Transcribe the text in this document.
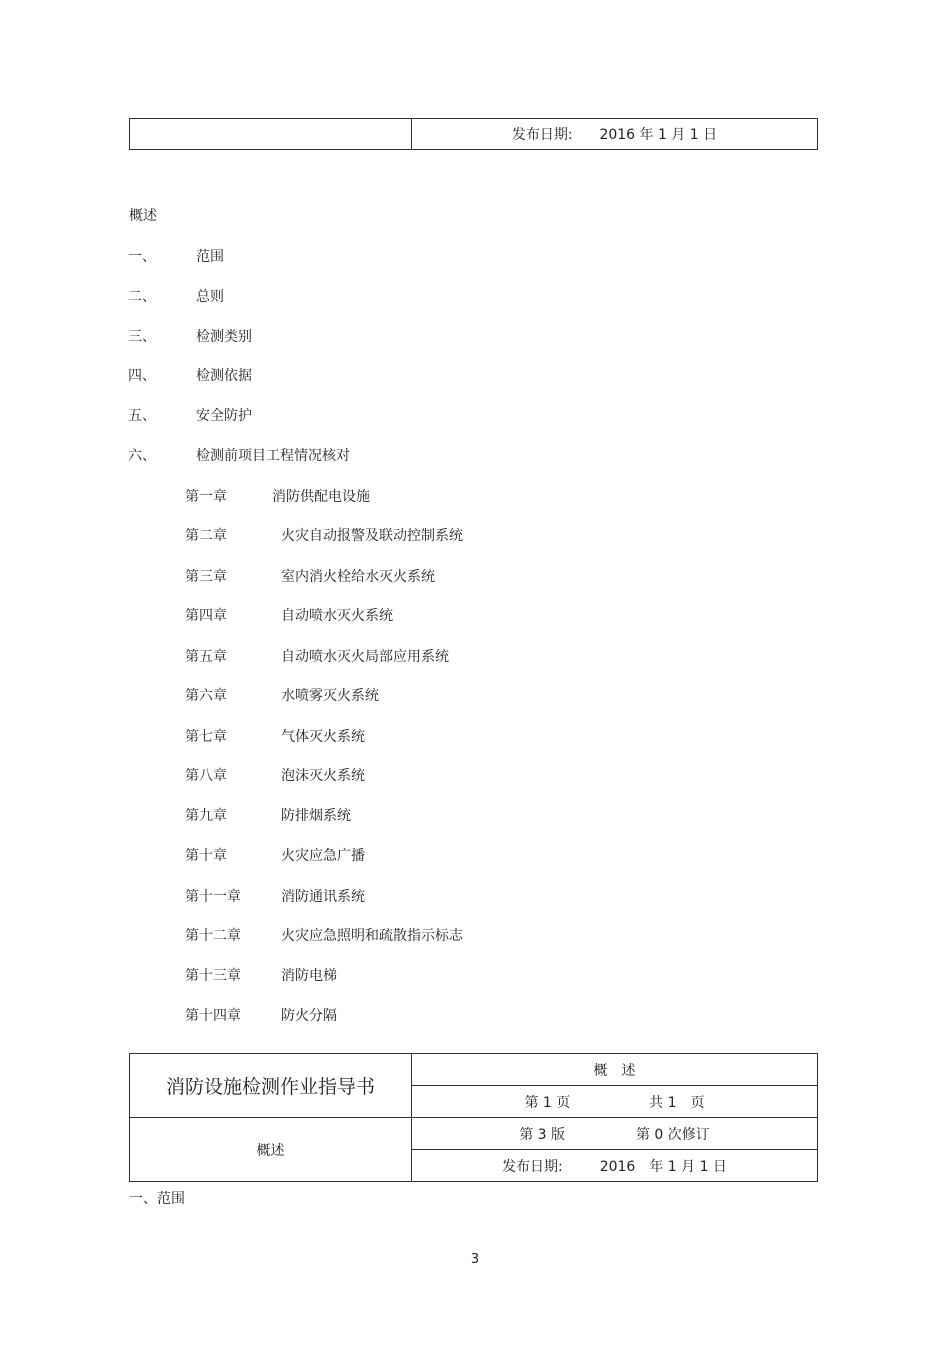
	发布日期: 2016 年 1 月 1 日
概述
一、	范围
二、	总则
三、	检测类别
四、	检测依据
五、	安全防护
六、	检测前项目工程情况核对
第一章	消防供配电设施
第二章	火灾自动报警及联动控制系统
第三章	室内消火栓给水灭火系统
第四章	自动喷水灭火系统
第五章	自动喷水灭火局部应用系统
第六章	水喷雾灭火系统
第七章	气体灭火系统
第八章	泡沫灭火系统
第九章	防排烟系统
第十章	火灾应急广播
第十一章	消防通讯系统
第十二章	火灾应急照明和疏散指示标志
第十三章	消防电梯
第十四章	防火分隔
消防设施检测作业指导书	概　述
	第 1 页 共 1　页
概述	第 3 版 第 0 次修订
	发布日期: 2016　年 1 月 1 日
一、范围
3
